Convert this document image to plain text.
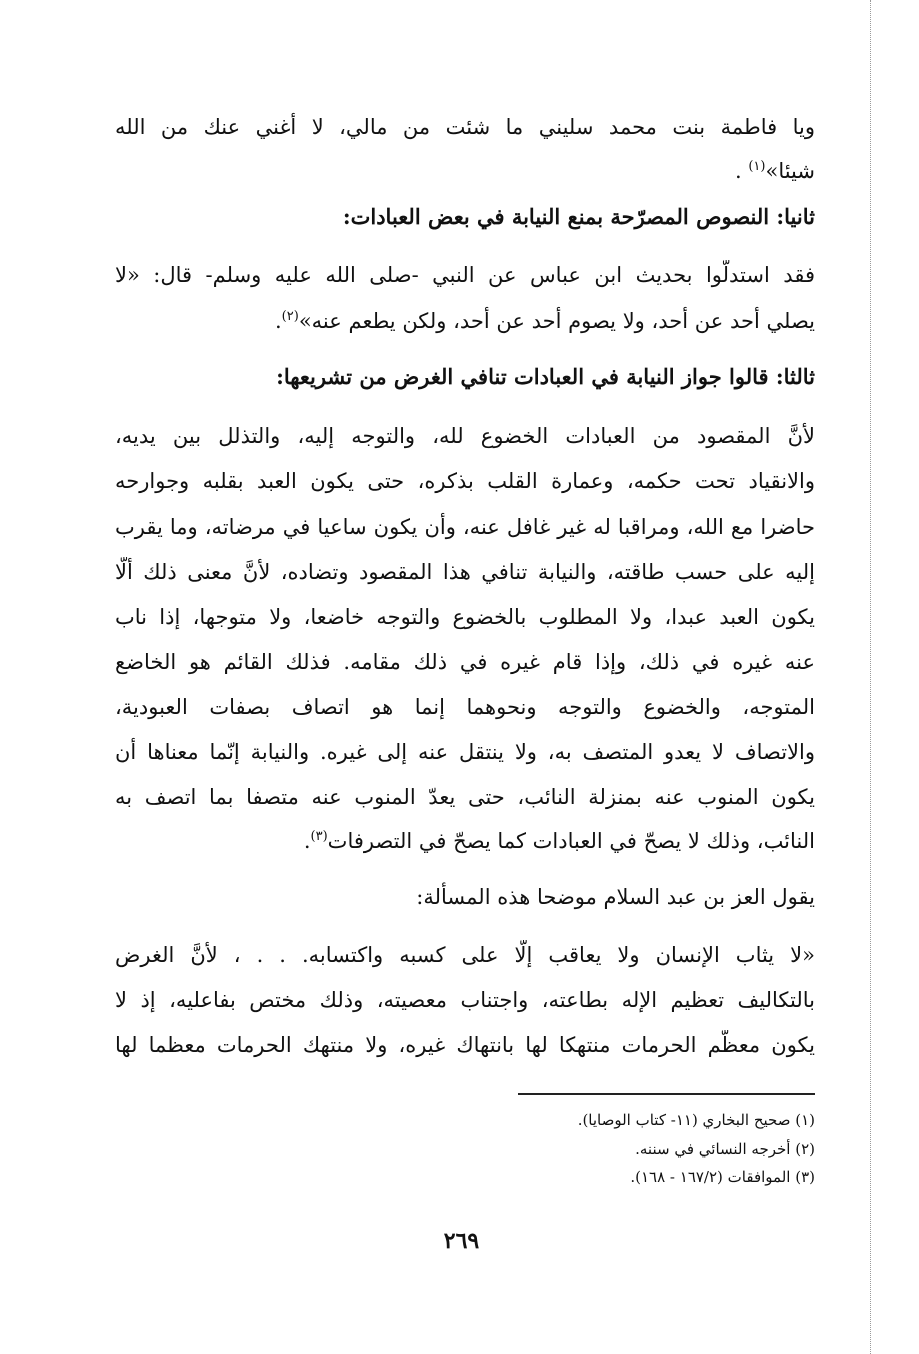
ويا فاطمة بنت محمد سليني ما شئت من مالي، لا أغني عنك من الله
شيئا»$^{(١)}$ .
ثانيا: النصوص المصرّحة بمنع النيابة في بعض العبادات:
فقد استدلّوا بحديث ابن عباس عن النبي -صلى الله عليه وسلم- قال: «لا
يصلي أحد عن أحد، ولا يصوم أحد عن أحد، ولكن يطعم عنه»$^{(٢)}$.
ثالثا: قالوا جواز النيابة في العبادات تنافي الغرض من تشريعها:
لأنَّ المقصود من العبادات الخضوع لله، والتوجه إليه، والتذلل بين يديه،
والانقياد تحت حكمه، وعمارة القلب بذكره، حتى يكون العبد بقلبه وجوارحه
حاضرا مع الله، ومراقبا له غير غافل عنه، وأن يكون ساعيا في مرضاته، وما يقرب
إليه على حسب طاقته، والنيابة تنافي هذا المقصود وتضاده، لأنَّ معنى ذلك ألّا
يكون العبد عبدا، ولا المطلوب بالخضوع والتوجه خاضعا، ولا متوجها، إذا ناب
عنه غيره في ذلك، وإذا قام غيره في ذلك مقامه. فذلك القائم هو الخاضع
المتوجه، والخضوع والتوجه ونحوهما إنما هو اتصاف بصفات العبودية،
والاتصاف لا يعدو المتصف به، ولا ينتقل عنه إلى غيره. والنيابة إنّما معناها أن
يكون المنوب عنه بمنزلة النائب، حتى يعدّ المنوب عنه متصفا بما اتصف به
النائب، وذلك لا يصحّ في العبادات كما يصحّ في التصرفات$^{(٣)}$.
يقول العز بن عبد السلام موضحا هذه المسألة:
«لا يثاب الإنسان ولا يعاقب إلّا على كسبه واكتسابه. . . ، لأنَّ الغرض
بالتكاليف تعظيم الإله بطاعته، واجتناب معصيته، وذلك مختص بفاعليه، إذ لا
يكون معظّم الحرمات منتهكا لها بانتهاك غيره، ولا منتهك الحرمات معظما لها
(١) صحيح البخاري (١١- كتاب الوصايا).
(٢) أخرجه النسائي في سننه.
(٣) الموافقات (١٦٧/٢ - ١٦٨).
٢٦٩
